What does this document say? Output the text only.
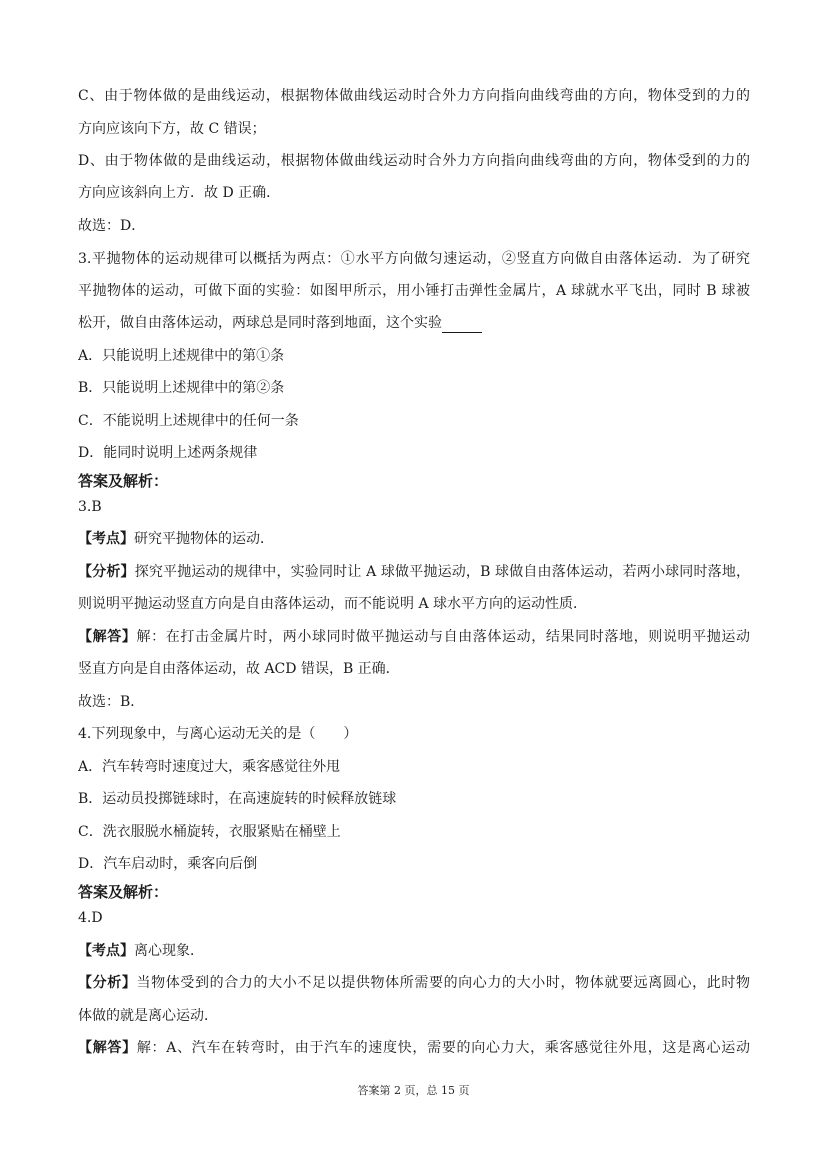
C、由于物体做的是曲线运动，根据物体做曲线运动时合外力方向指向曲线弯曲的方向，物体受到的力的
方向应该向下方，故 C 错误；
D、由于物体做的是曲线运动，根据物体做曲线运动时合外力方向指向曲线弯曲的方向，物体受到的力的
方向应该斜向上方．故 D 正确．
故选：D．
3.平抛物体的运动规律可以概括为两点：①水平方向做匀速运动，②竖直方向做自由落体运动．为了研究
平抛物体的运动，可做下面的实验：如图甲所示，用小锤打击弹性金属片，A 球就水平飞出，同时 B 球被
松开，做自由落体运动，两球总是同时落到地面，这个实验
A．只能说明上述规律中的第①条
B．只能说明上述规律中的第②条
C．不能说明上述规律中的任何一条
D．能同时说明上述两条规律
答案及解析：
3.B
【考点】研究平抛物体的运动．
【分析】探究平抛运动的规律中，实验同时让 A 球做平抛运动，B 球做自由落体运动，若两小球同时落地，
则说明平抛运动竖直方向是自由落体运动，而不能说明 A 球水平方向的运动性质．
【解答】解：在打击金属片时，两小球同时做平抛运动与自由落体运动，结果同时落地，则说明平抛运动
竖直方向是自由落体运动，故 ACD 错误，B 正确．
故选：B．
4.下列现象中，与离心运动无关的是（　　）
A．汽车转弯时速度过大，乘客感觉往外甩
B．运动员投掷链球时，在高速旋转的时候释放链球
C．洗衣服脱水桶旋转，衣服紧贴在桶壁上
D．汽车启动时，乘客向后倒
答案及解析：
4.D
【考点】离心现象．
【分析】当物体受到的合力的大小不足以提供物体所需要的向心力的大小时，物体就要远离圆心，此时物
体做的就是离心运动．
【解答】解：A、汽车在转弯时，由于汽车的速度快，需要的向心力大，乘客感觉往外甩，这是离心运动
答案第 2 页，总 15 页
